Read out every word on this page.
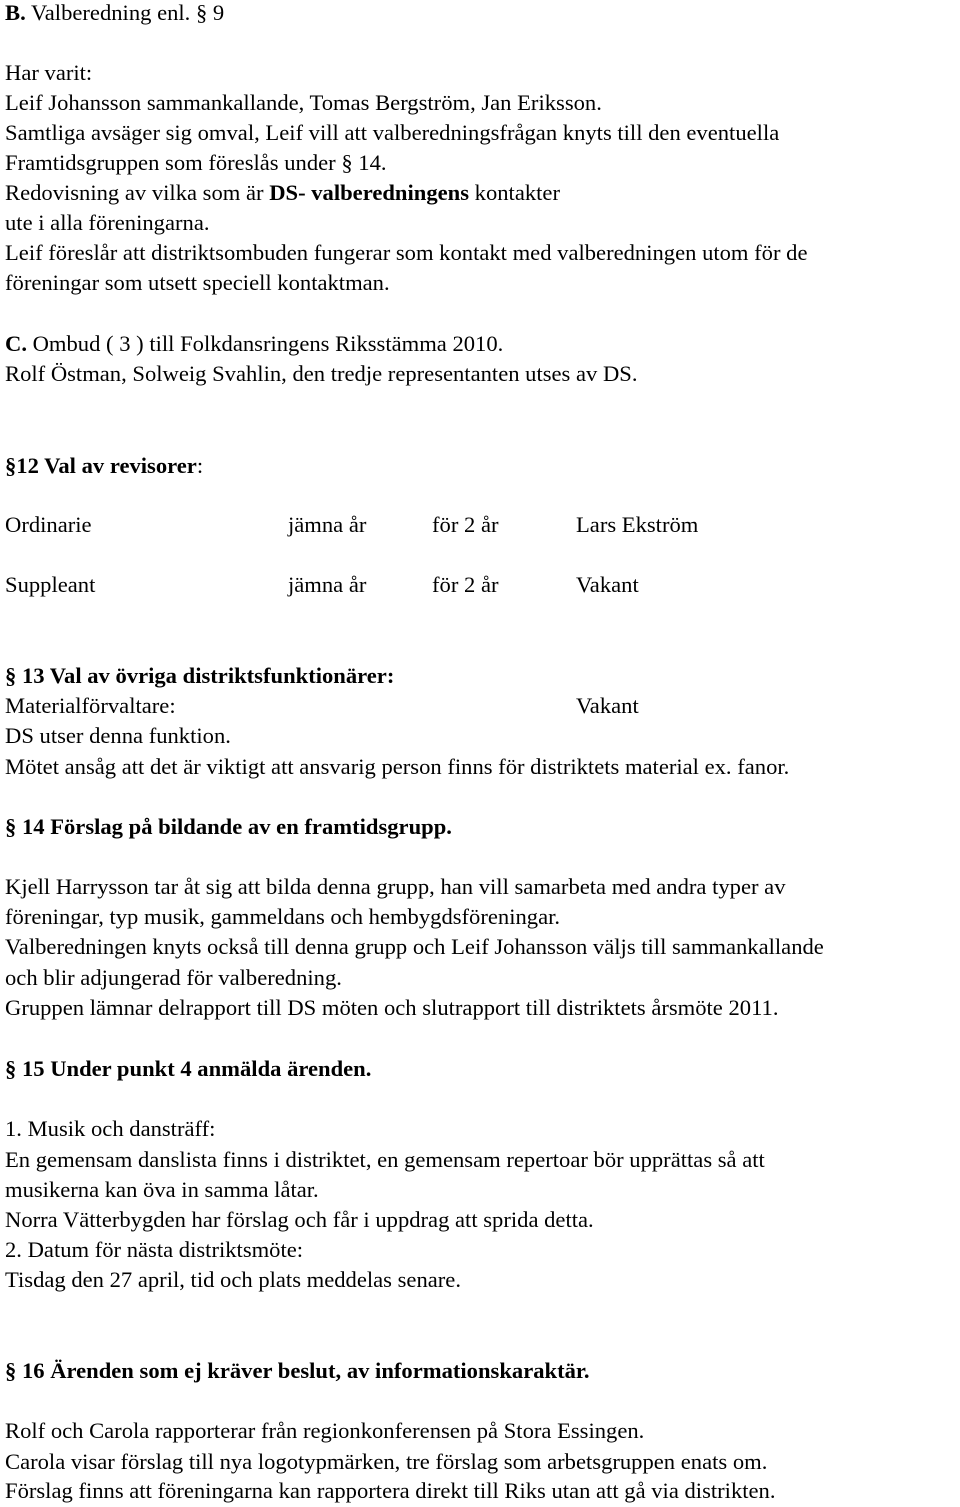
B. Valberedning enl. § 9
Har varit:
Leif Johansson sammankallande, Tomas Bergström, Jan Eriksson.
Samtliga avsäger sig omval, Leif vill att valberedningsfrågan knyts till den eventuella
Framtidsgruppen som föreslås under § 14.
Redovisning av vilka som är DS- valberedningens kontakter
ute i alla föreningarna.
Leif föreslår att distriktsombuden fungerar som kontakt med valberedningen utom för de
föreningar som utsett speciell kontaktman.
C. Ombud ( 3 ) till Folkdansringens Riksstämma 2010.
Rolf Östman, Solweig Svahlin, den tredje representanten utses av DS.
§12 Val av revisorer:
Ordinarie	jämna år	för 2 år	Lars Ekström
Suppleant	jämna år	för 2 år	Vakant
§ 13 Val av övriga distriktsfunktionärer:
Materialförvaltare:	Vakant
DS utser denna funktion.
Mötet ansåg att det är viktigt att ansvarig person finns för distriktets material ex. fanor.
§ 14 Förslag på bildande av en framtidsgrupp.
Kjell Harrysson tar åt sig att bilda denna grupp, han vill samarbeta med andra typer av
föreningar, typ musik, gammeldans och hembygdsföreningar.
Valberedningen knyts också till denna grupp och Leif Johansson väljs till sammankallande
och blir adjungerad för valberedning.
Gruppen lämnar delrapport till DS möten och slutrapport till distriktets årsmöte 2011.
§ 15 Under punkt 4 anmälda ärenden.
1. Musik och dansträff:
En gemensam danslista finns i distriktet, en gemensam repertoar bör upprättas så att
musikerna kan öva in samma låtar.
Norra Vätterbygden har förslag och får i uppdrag att sprida detta.
2. Datum för nästa distriktsmöte:
Tisdag den 27 april, tid och plats meddelas senare.
§ 16 Ärenden som ej kräver beslut, av informationskaraktär.
Rolf och Carola rapporterar från regionkonferensen på Stora Essingen.
Carola visar förslag till nya logotypmärken, tre förslag som arbetsgruppen enats om.
Förslag finns att föreningarna kan rapportera direkt till Riks utan att gå via distrikten.
